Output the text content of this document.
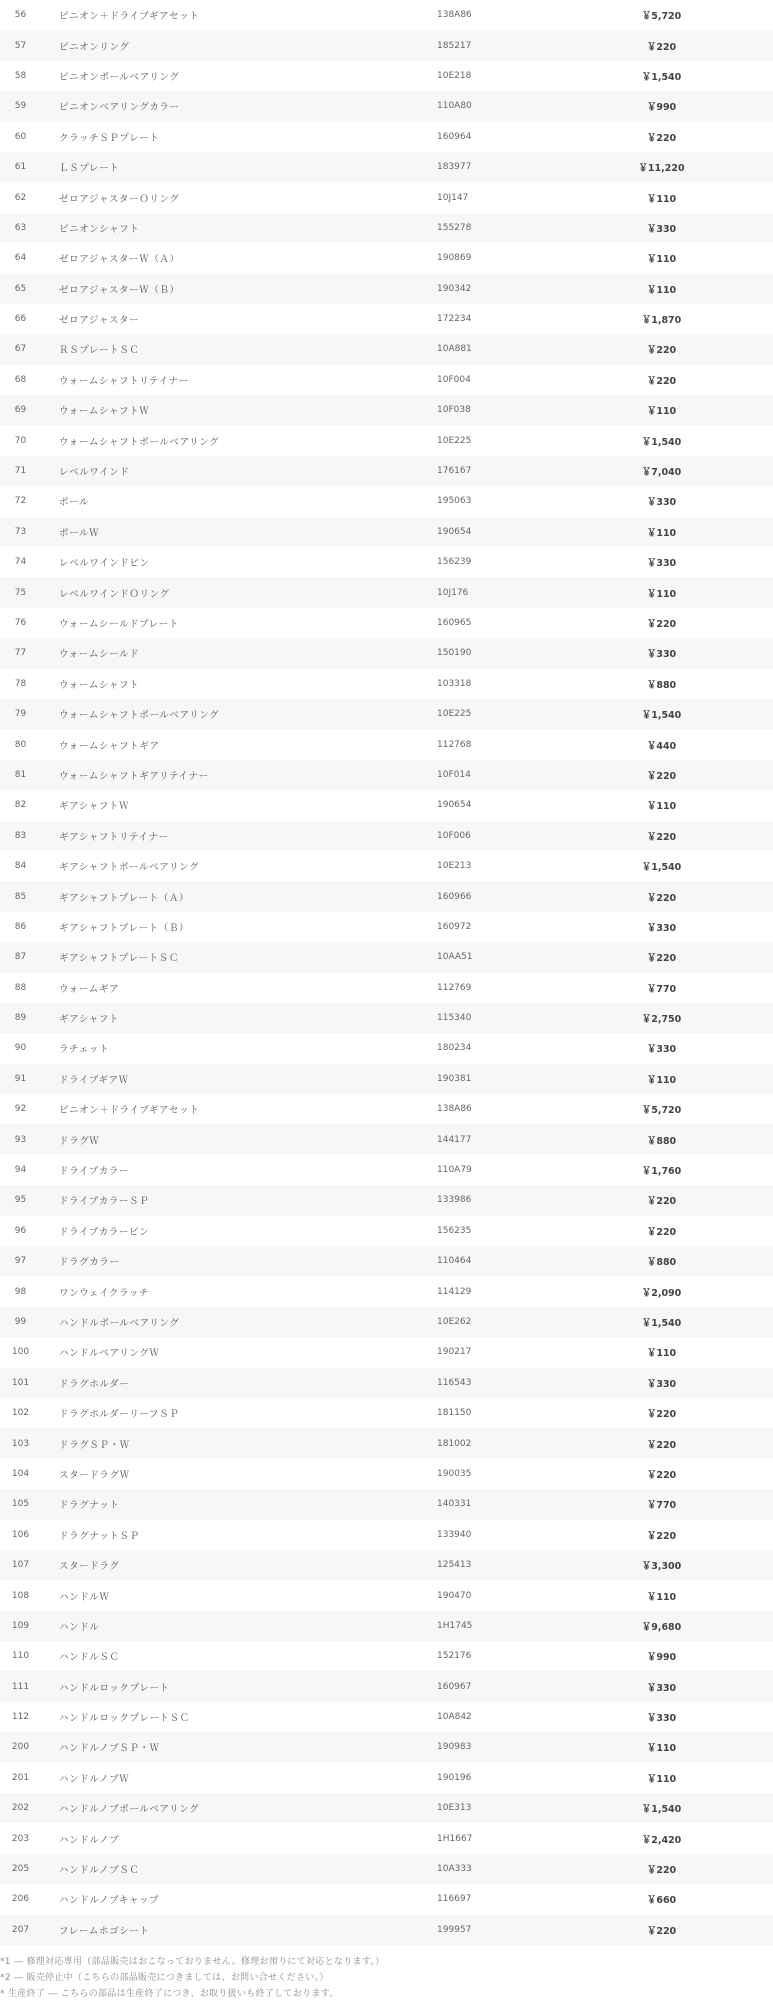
56	ピニオン＋ドライブギアセット	138A86	￥5,720
57	ピニオンリング	185217	￥220
58	ピニオンボールベアリング	10E218	￥1,540
59	ピニオンベアリングカラー	110A80	￥990
60	クラッチＳＰプレート	160964	￥220
61	ＬＳプレート	183977	￥11,220
62	ゼロアジャスターＯリング	10J147	￥110
63	ピニオンシャフト	155278	￥330
64	ゼロアジャスターＷ（Ａ）	190869	￥110
65	ゼロアジャスターＷ（Ｂ）	190342	￥110
66	ゼロアジャスター	172234	￥1,870
67	ＲＳプレートＳＣ	10A881	￥220
68	ウォームシャフトリテイナー	10F004	￥220
69	ウォームシャフトＷ	10F038	￥110
70	ウォームシャフトボールベアリング	10E225	￥1,540
71	レベルワインド	176167	￥7,040
72	ポール	195063	￥330
73	ポールＷ	190654	￥110
74	レベルワインドピン	156239	￥330
75	レベルワインドＯリング	10J176	￥110
76	ウォームシールドプレート	160965	￥220
77	ウォームシールド	150190	￥330
78	ウォームシャフト	103318	￥880
79	ウォームシャフトボールベアリング	10E225	￥1,540
80	ウォームシャフトギア	112768	￥440
81	ウォームシャフトギアリテイナー	10F014	￥220
82	ギアシャフトＷ	190654	￥110
83	ギアシャフトリテイナー	10F006	￥220
84	ギアシャフトボールベアリング	10E213	￥1,540
85	ギアシャフトプレート（Ａ）	160966	￥220
86	ギアシャフトプレート（Ｂ）	160972	￥330
87	ギアシャフトプレートＳＣ	10AA51	￥220
88	ウォームギア	112769	￥770
89	ギアシャフト	115340	￥2,750
90	ラチェット	180234	￥330
91	ドライブギアＷ	190381	￥110
92	ピニオン＋ドライブギアセット	138A86	￥5,720
93	ドラグＷ	144177	￥880
94	ドライブカラー	110A79	￥1,760
95	ドライブカラーＳＰ	133986	￥220
96	ドライブカラーピン	156235	￥220
97	ドラグカラー	110464	￥880
98	ワンウェイクラッチ	114129	￥2,090
99	ハンドルボールベアリング	10E262	￥1,540
100	ハンドルベアリングＷ	190217	￥110
101	ドラグホルダー	116543	￥330
102	ドラグホルダーリーフＳＰ	181150	￥220
103	ドラグＳＰ・Ｗ	181002	￥220
104	スタードラグＷ	190035	￥220
105	ドラグナット	140331	￥770
106	ドラグナットＳＰ	133940	￥220
107	スタードラグ	125413	￥3,300
108	ハンドルＷ	190470	￥110
109	ハンドル	1H1745	￥9,680
110	ハンドルＳＣ	152176	￥990
111	ハンドルロックプレート	160967	￥330
112	ハンドルロックプレートＳＣ	10A842	￥330
200	ハンドルノブＳＰ・Ｗ	190983	￥110
201	ハンドルノブＷ	190196	￥110
202	ハンドルノブボールベアリング	10E313	￥1,540
203	ハンドルノブ	1H1667	￥2,420
205	ハンドルノブＳＣ	10A333	￥220
206	ハンドルノブキャップ	116697	￥660
207	フレームホゴシート	199957	￥220
*1 ― 修理対応専用（部品販売はおこなっておりません。修理お預りにて対応となります。）
*2 ― 販売停止中（こちらの部品販売につきましては、お問い合せください。）
* 生産終了 ― こちらの部品は生産終了につき、お取り扱いも終了しております。
